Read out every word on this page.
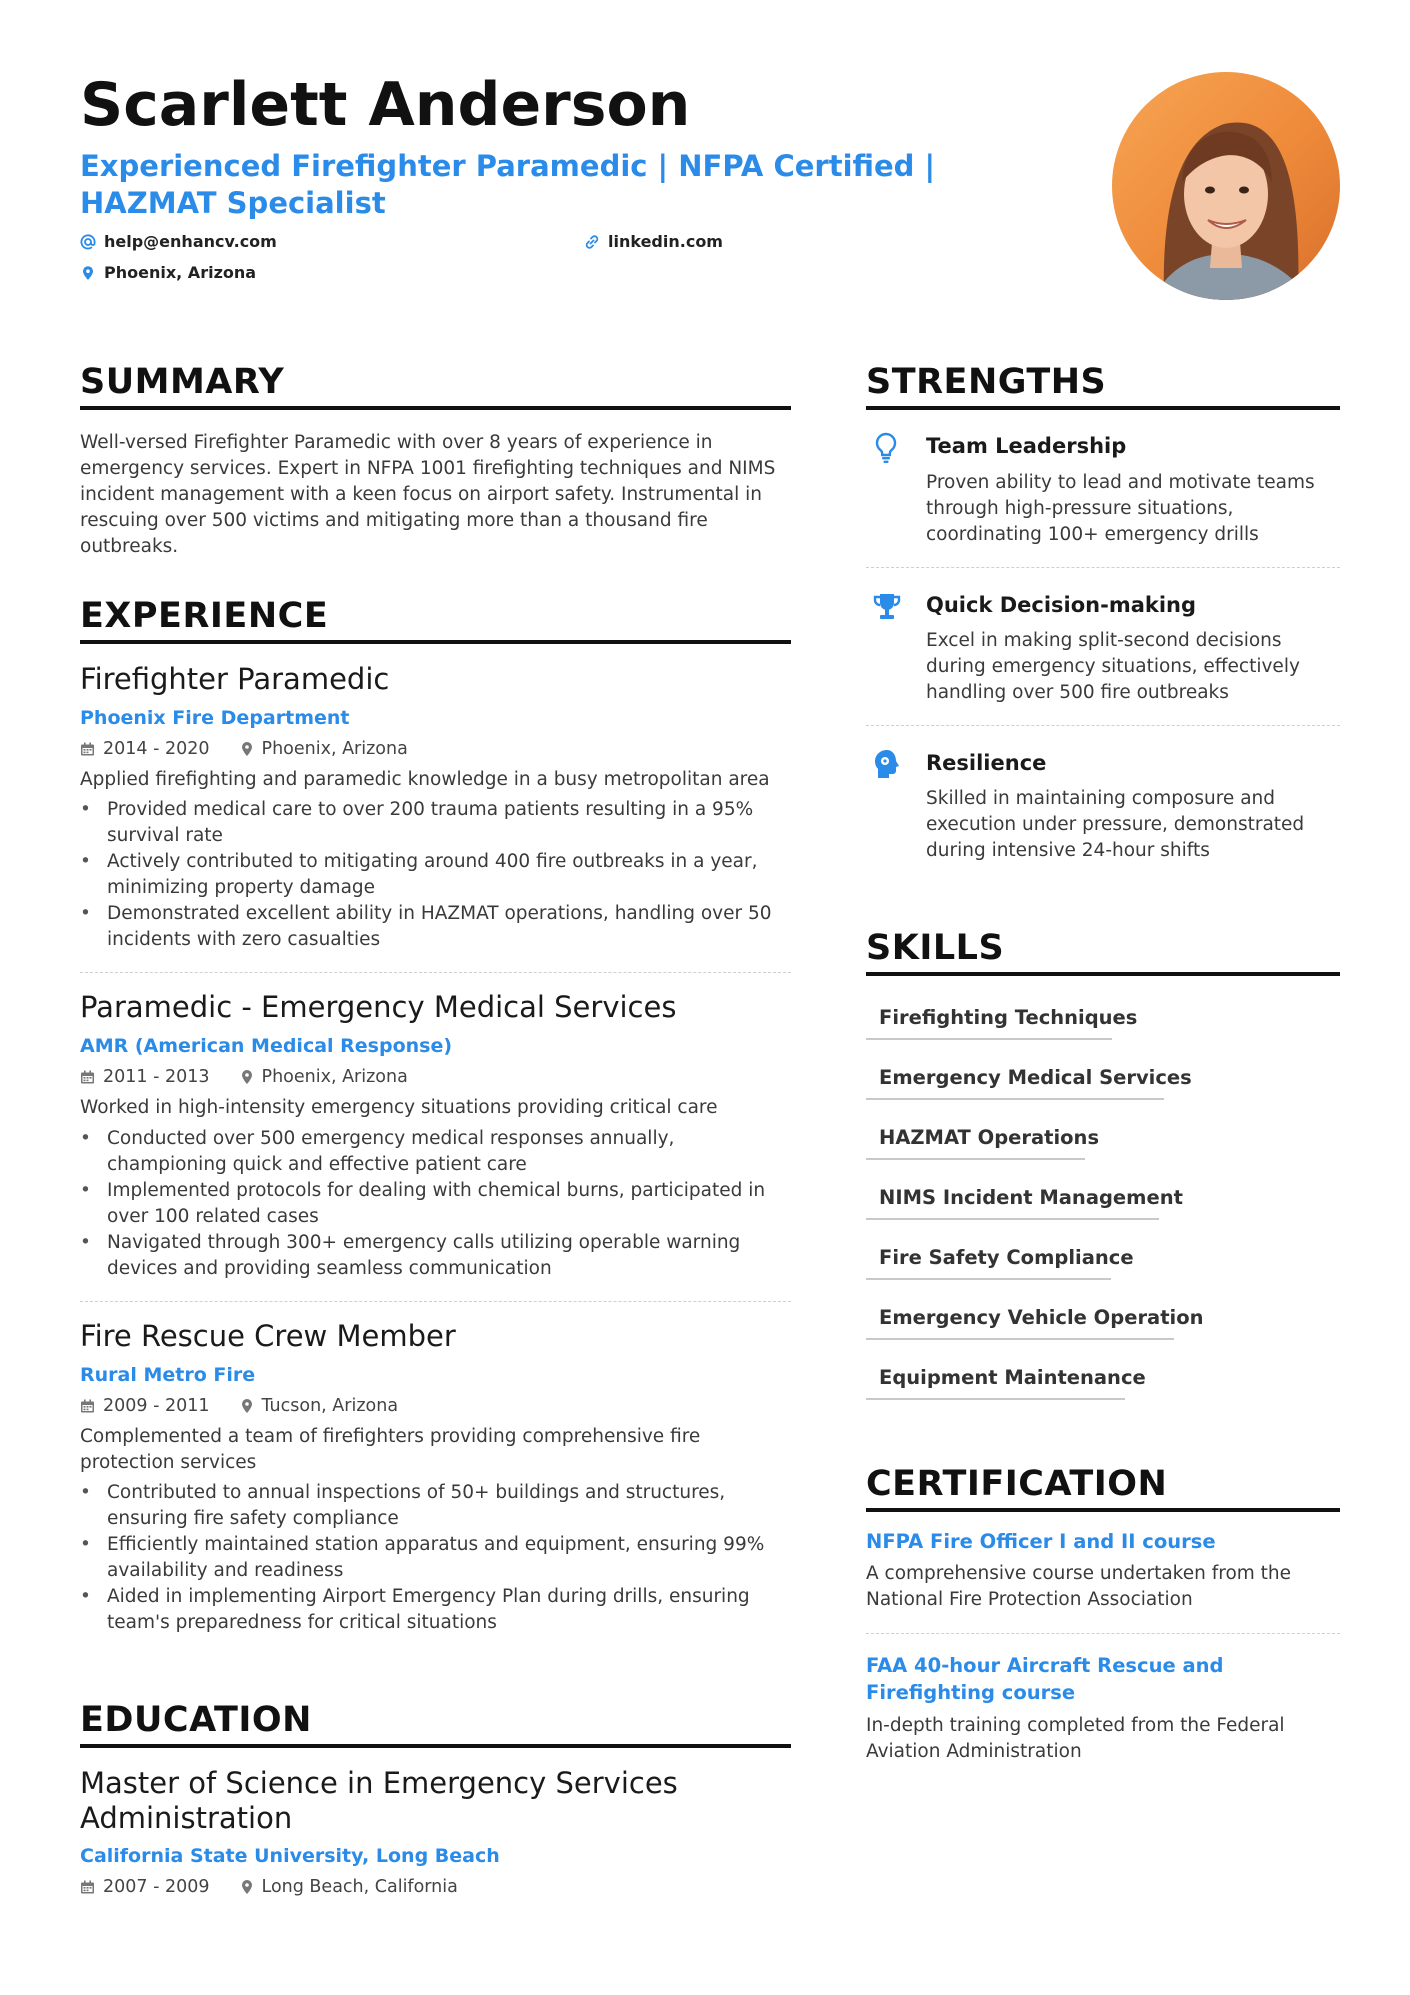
Scarlett Anderson
Experienced Firefighter Paramedic | NFPA Certified | HAZMAT Specialist
help@enhancv.com	linkedin.com
Phoenix, Arizona
SUMMARY
Well-versed Firefighter Paramedic with over 8 years of experience in emergency services. Expert in NFPA 1001 firefighting techniques and NIMS incident management with a keen focus on airport safety. Instrumental in rescuing over 500 victims and mitigating more than a thousand fire outbreaks.
EXPERIENCE
Firefighter Paramedic
Phoenix Fire Department
2014 - 2020	Phoenix, Arizona
Applied firefighting and paramedic knowledge in a busy metropolitan area
• Provided medical care to over 200 trauma patients resulting in a 95% survival rate
• Actively contributed to mitigating around 400 fire outbreaks in a year, minimizing property damage
• Demonstrated excellent ability in HAZMAT operations, handling over 50 incidents with zero casualties
Paramedic - Emergency Medical Services
AMR (American Medical Response)
2011 - 2013	Phoenix, Arizona
Worked in high-intensity emergency situations providing critical care
• Conducted over 500 emergency medical responses annually, championing quick and effective patient care
• Implemented protocols for dealing with chemical burns, participated in over 100 related cases
• Navigated through 300+ emergency calls utilizing operable warning devices and providing seamless communication
Fire Rescue Crew Member
Rural Metro Fire
2009 - 2011	Tucson, Arizona
Complemented a team of firefighters providing comprehensive fire protection services
• Contributed to annual inspections of 50+ buildings and structures, ensuring fire safety compliance
• Efficiently maintained station apparatus and equipment, ensuring 99% availability and readiness
• Aided in implementing Airport Emergency Plan during drills, ensuring team's preparedness for critical situations
EDUCATION
Master of Science in Emergency Services Administration
California State University, Long Beach
2007 - 2009	Long Beach, California
STRENGTHS
Team Leadership
Proven ability to lead and motivate teams through high-pressure situations, coordinating 100+ emergency drills
Quick Decision-making
Excel in making split-second decisions during emergency situations, effectively handling over 500 fire outbreaks
Resilience
Skilled in maintaining composure and execution under pressure, demonstrated during intensive 24-hour shifts
SKILLS
Firefighting Techniques
Emergency Medical Services
HAZMAT Operations
NIMS Incident Management
Fire Safety Compliance
Emergency Vehicle Operation
Equipment Maintenance
CERTIFICATION
NFPA Fire Officer I and II course
A comprehensive course undertaken from the National Fire Protection Association
FAA 40-hour Aircraft Rescue and Firefighting course
In-depth training completed from the Federal Aviation Administration
